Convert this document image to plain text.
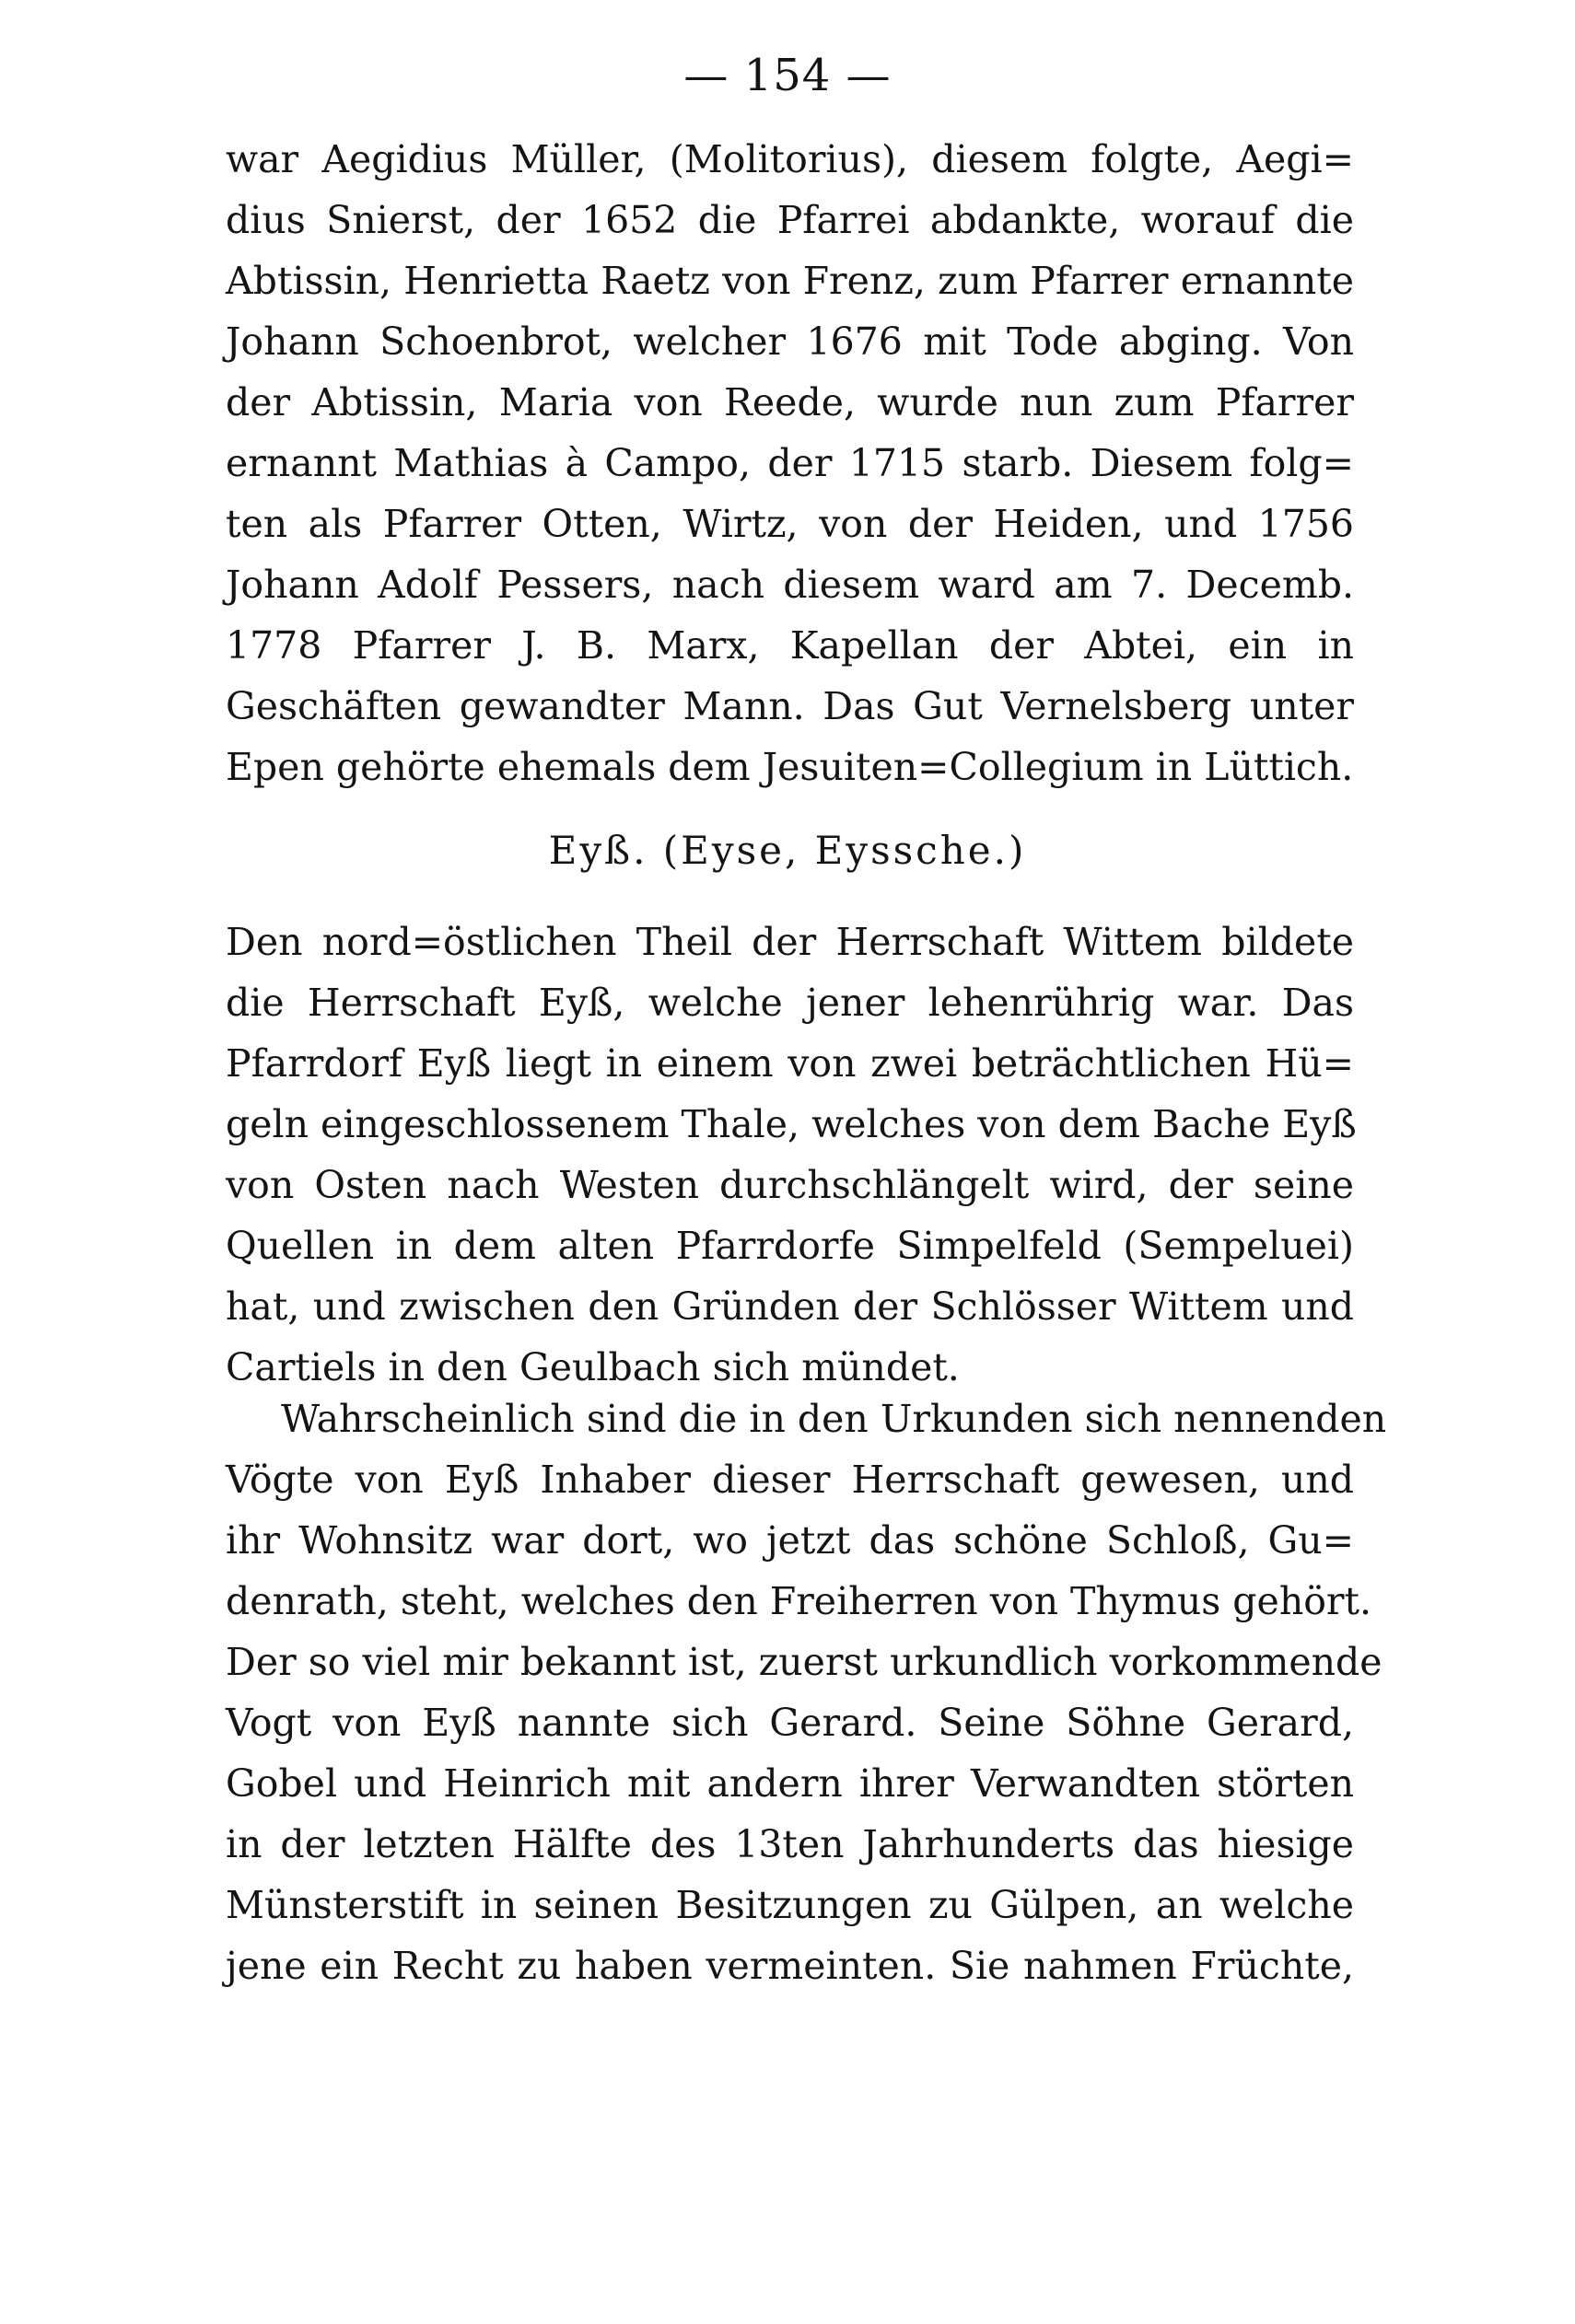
— 154 —
war Aegidius Müller, (Molitorius), diesem folgte, Aegi=
dius Snierst, der 1652 die Pfarrei abdankte, worauf die
Abtissin, Henrietta Raetz von Frenz, zum Pfarrer ernannte
Johann Schoenbrot, welcher 1676 mit Tode abging. Von
der Abtissin, Maria von Reede, wurde nun zum Pfarrer
ernannt Mathias à Campo, der 1715 starb. Diesem folg=
ten als Pfarrer Otten, Wirtz, von der Heiden, und 1756
Johann Adolf Pessers, nach diesem ward am 7. Decemb.
1778 Pfarrer J. B. Marx, Kapellan der Abtei, ein in
Geschäften gewandter Mann. Das Gut Vernelsberg unter
Epen gehörte ehemals dem Jesuiten=Collegium in Lüttich.
Eyß. (Eyse, Eyssche.)
Den nord=östlichen Theil der Herrschaft Wittem bildete
die Herrschaft Eyß, welche jener lehenrührig war. Das
Pfarrdorf Eyß liegt in einem von zwei beträchtlichen Hü=
geln eingeschlossenem Thale, welches von dem Bache Eyß
von Osten nach Westen durchschlängelt wird, der seine
Quellen in dem alten Pfarrdorfe Simpelfeld (Sempeluei)
hat, und zwischen den Gründen der Schlösser Wittem und
Cartiels in den Geulbach sich mündet.
Wahrscheinlich sind die in den Urkunden sich nennenden
Vögte von Eyß Inhaber dieser Herrschaft gewesen, und
ihr Wohnsitz war dort, wo jetzt das schöne Schloß, Gu=
denrath, steht, welches den Freiherren von Thymus gehört.
Der so viel mir bekannt ist, zuerst urkundlich vorkommende
Vogt von Eyß nannte sich Gerard. Seine Söhne Gerard,
Gobel und Heinrich mit andern ihrer Verwandten störten
in der letzten Hälfte des 13ten Jahrhunderts das hiesige
Münsterstift in seinen Besitzungen zu Gülpen, an welche
jene ein Recht zu haben vermeinten. Sie nahmen Früchte,
